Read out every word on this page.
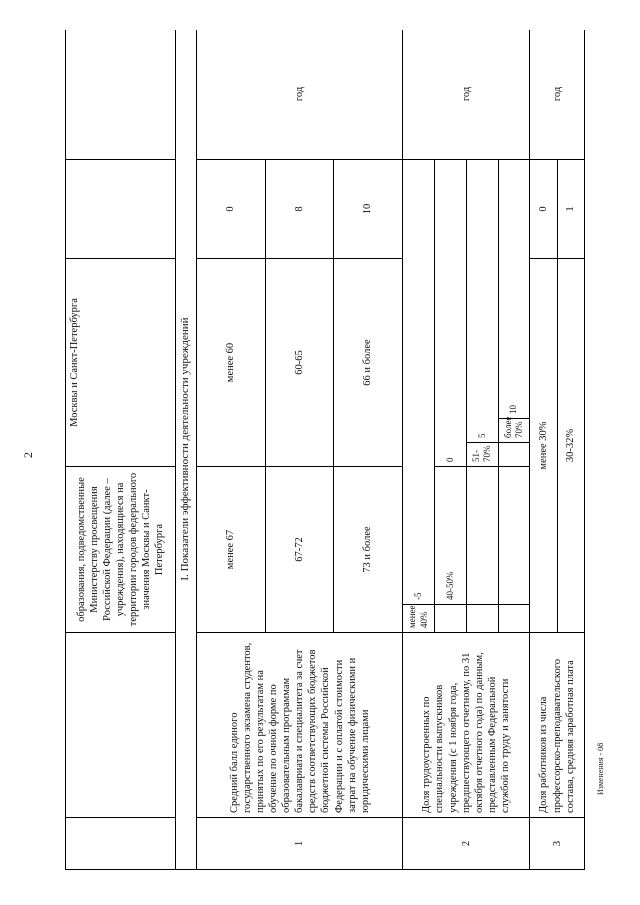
2
Изменения - 08
		образования, подведомственные Министерству просвещения Российской Федерации (далее – учреждения), находящиеся на территории городов федерального значения Москвы и Санкт-Петербурга		Москвы и Санкт-Петербурга				
I. Показатели эффективности деятельности учреждений								
1	Средний балл единого государственного экзамена студентов, принятых по его результатам на обучение по очной форме по образовательным программам бакалавриата и специалитета за счет средств соответствующих бюджетов бюджетной системы Российской Федерации и с оплатой стоимости затрат на обучение физическими и юридическими лицами	менее 67		менее 60			0	год
		67-72		60-65			8	
		73 и более		66 и более			10	
2	Доля трудоустроенных по специальности выпускников учреждения (с 1 ноября года, предшествующего отчетному, по 31 октября отчетного года) по данным, представленным Федеральной службой по труду и занятости	менее 40%	-5					год
			40-50%	0				
				51-70%	5			
					более 70%	10		
3	Доля работников из числа профессорско-преподавательского состава, средняя заработная плата	менее 30%					0	год
		30-32%					1	
